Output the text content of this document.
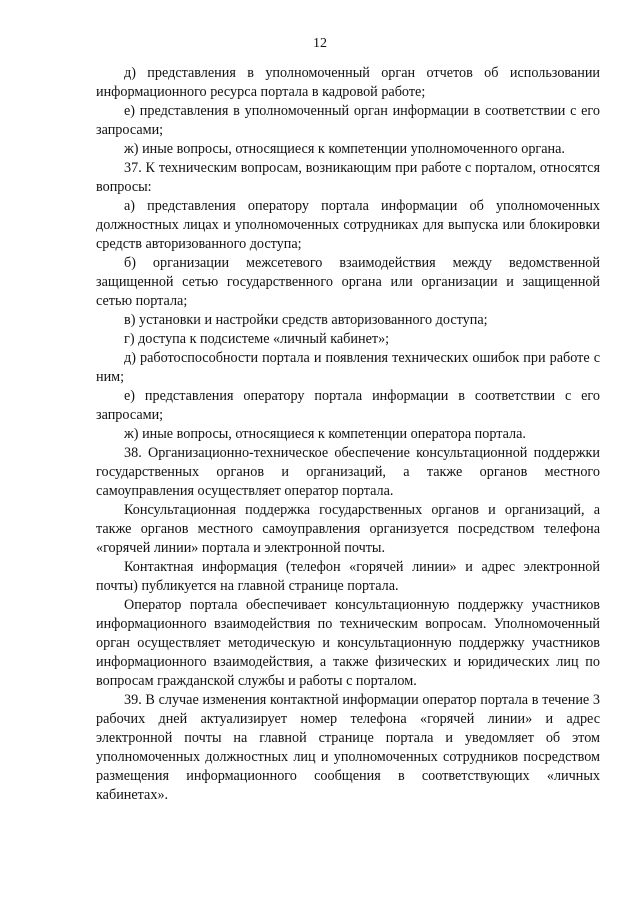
12

д) представления в уполномоченный орган отчетов об использовании информационного ресурса портала в кадровой работе;

е) представления в уполномоченный орган информации в соответствии с его запросами;

ж) иные вопросы, относящиеся к компетенции уполномоченного органа.

37. К техническим вопросам, возникающим при работе с порталом, относятся вопросы:

а) представления оператору портала информации об уполномоченных должностных лицах и уполномоченных сотрудниках для выпуска или блокировки средств авторизованного доступа;

б) организации межсетевого взаимодействия между ведомственной защищенной сетью государственного органа или организации и защищенной сетью портала;

в) установки и настройки средств авторизованного доступа;

г) доступа к подсистеме «личный кабинет»;

д) работоспособности портала и появления технических ошибок при работе с ним;

е) представления оператору портала информации в соответствии с его запросами;

ж) иные вопросы, относящиеся к компетенции оператора портала.

38. Организационно-техническое обеспечение консультационной поддержки государственных органов и организаций, а также органов местного самоуправления осуществляет оператор портала.

Консультационная поддержка государственных органов и организаций, а также органов местного самоуправления организуется посредством телефона «горячей линии» портала и электронной почты.

Контактная информация (телефон «горячей линии» и адрес электронной почты) публикуется на главной странице портала.

Оператор портала обеспечивает консультационную поддержку участников информационного взаимодействия по техническим вопросам. Уполномоченный орган осуществляет методическую и консультационную поддержку участников информационного взаимодействия, а также физических и юридических лиц по вопросам гражданской службы и работы с порталом.

39. В случае изменения контактной информации оператор портала в течение 3 рабочих дней актуализирует номер телефона «горячей линии» и адрес электронной почты на главной странице портала и уведомляет об этом уполномоченных должностных лиц и уполномоченных сотрудников посредством размещения информационного сообщения в соответствующих «личных кабинетах».
